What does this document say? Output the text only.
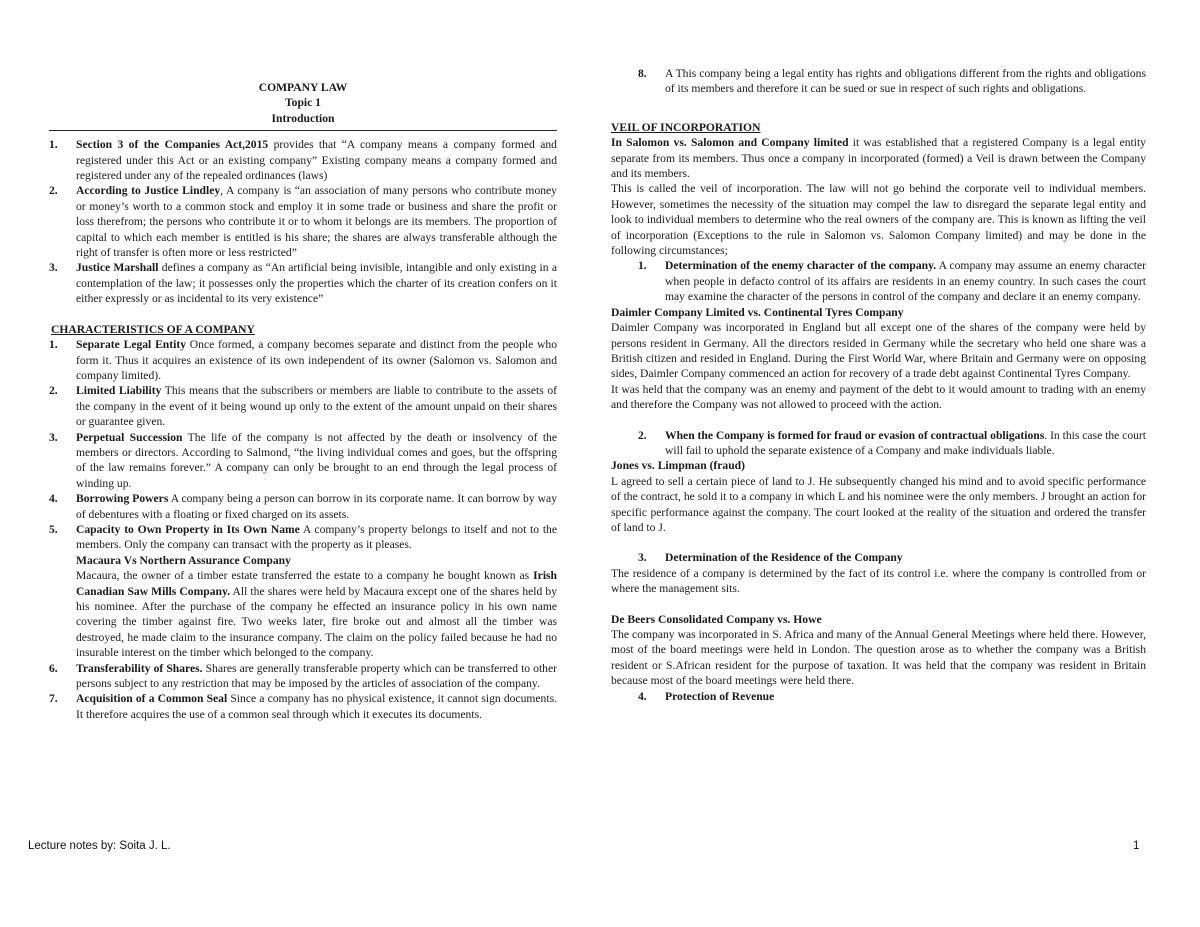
COMPANY LAW
Topic 1
Introduction
1.	Section 3 of the Companies Act,2015 provides that “A company means a company formed and registered under this Act or an existing company” Existing company means a company formed and registered under any of the repealed ordinances (laws)
2.	According to Justice Lindley, A company is “an association of many persons who contribute money or money’s worth to a common stock and employ it in some trade or business and share the profit or loss therefrom; the persons who contribute it or to whom it belongs are its members. The proportion of capital to which each member is entitled is his share; the shares are always transferable although the right of transfer is often more or less restricted”
3.	Justice Marshall defines a company as “An artificial being invisible, intangible and only existing in a contemplation of the law; it possesses only the properties which the charter of its creation confers on it either expressly or as incidental to its very existence”
CHARACTERISTICS OF A COMPANY
1.	Separate Legal Entity Once formed, a company becomes separate and distinct from the people who form it. Thus it acquires an existence of its own independent of its owner (Salomon vs. Salomon and company limited).
2.	Limited Liability This means that the subscribers or members are liable to contribute to the assets of the company in the event of it being wound up only to the extent of the amount unpaid on their shares or guarantee given.
3.	Perpetual Succession The life of the company is not affected by the death or insolvency of the members or directors. According to Salmond, “the living individual comes and goes, but the offspring of the law remains forever.” A company can only be brought to an end through the legal process of winding up.
4.	Borrowing Powers A company being a person can borrow in its corporate name. It can borrow by way of debentures with a floating or fixed charged on its assets.
5.	Capacity to Own Property in Its Own Name A company’s property belongs to itself and not to the members. Only the company can transact with the property as it pleases.
Macaura Vs Northern Assurance Company

Macaura, the owner of a timber estate transferred the estate to a company he bought known as Irish Canadian Saw Mills Company. All the shares were held by Macaura except one of the shares held by his nominee. After the purchase of the company he effected an insurance policy in his own name covering the timber against fire. Two weeks later, fire broke out and almost all the timber was destroyed, he made claim to the insurance company. The claim on the policy failed because he had no insurable interest on the timber which belonged to the company.

6.	Transferability of Shares. Shares are generally transferable property which can be transferred to other persons subject to any restriction that may be imposed by the articles of association of the company.
7.	Acquisition of a Common Seal Since a company has no physical existence, it cannot sign documents. It therefore acquires the use of a common seal through which it executes its documents.
8.	A This company being a legal entity has rights and obligations different from the rights and obligations of its members and therefore it can be sued or sue in respect of such rights and obligations.
VEIL OF INCORPORATION

In Salomon vs. Salomon and Company limited it was established that a registered Company is a legal entity separate from its members. Thus once a company in incorporated (formed) a Veil is drawn between the Company and its members.

This is called the veil of incorporation. The law will not go behind the corporate veil to individual members. However, sometimes the necessity of the situation may compel the law to disregard the separate legal entity and look to individual members to determine who the real owners of the company are. This is known as lifting the veil of incorporation (Exceptions to the rule in Salomon vs. Salomon Company limited) and may be done in the following circumstances;

1.	Determination of the enemy character of the company. A company may assume an enemy character when people in defacto control of its affairs are residents in an enemy country. In such cases the court may examine the character of the persons in control of the company and declare it an enemy company.
Daimler Company Limited vs. Continental Tyres Company

Daimler Company was incorporated in England but all except one of the shares of the company were held by persons resident in Germany. All the directors resided in Germany while the secretary who held one share was a British citizen and resided in England. During the First World War, where Britain and Germany were on opposing sides, Daimler Company commenced an action for recovery of a trade debt against Continental Tyres Company.

It was held that the company was an enemy and payment of the debt to it would amount to trading with an enemy and therefore the Company was not allowed to proceed with the action.

2.	When the Company is formed for fraud or evasion of contractual obligations. In this case the court will fail to uphold the separate existence of a Company and make individuals liable.
Jones vs. Limpman (fraud)

L agreed to sell a certain piece of land to J. He subsequently changed his mind and to avoid specific performance of the contract, he sold it to a company in which L and his nominee were the only members. J brought an action for specific performance against the company. The court looked at the reality of the situation and ordered the transfer of land to J.

3.	Determination of the Residence of the Company

The residence of a company is determined by the fact of its control i.e. where the company is controlled from or where the management sits.

De Beers Consolidated Company vs. Howe

The company was incorporated in S. Africa and many of the Annual General Meetings where held there. However, most of the board meetings were held in London. The question arose as to whether the company was a British resident or S.African resident for the purpose of taxation. It was held that the company was resident in Britain because most of the board meetings were held there.

4.	Protection of Revenue
Lecture notes by: Soita J. L.	1
